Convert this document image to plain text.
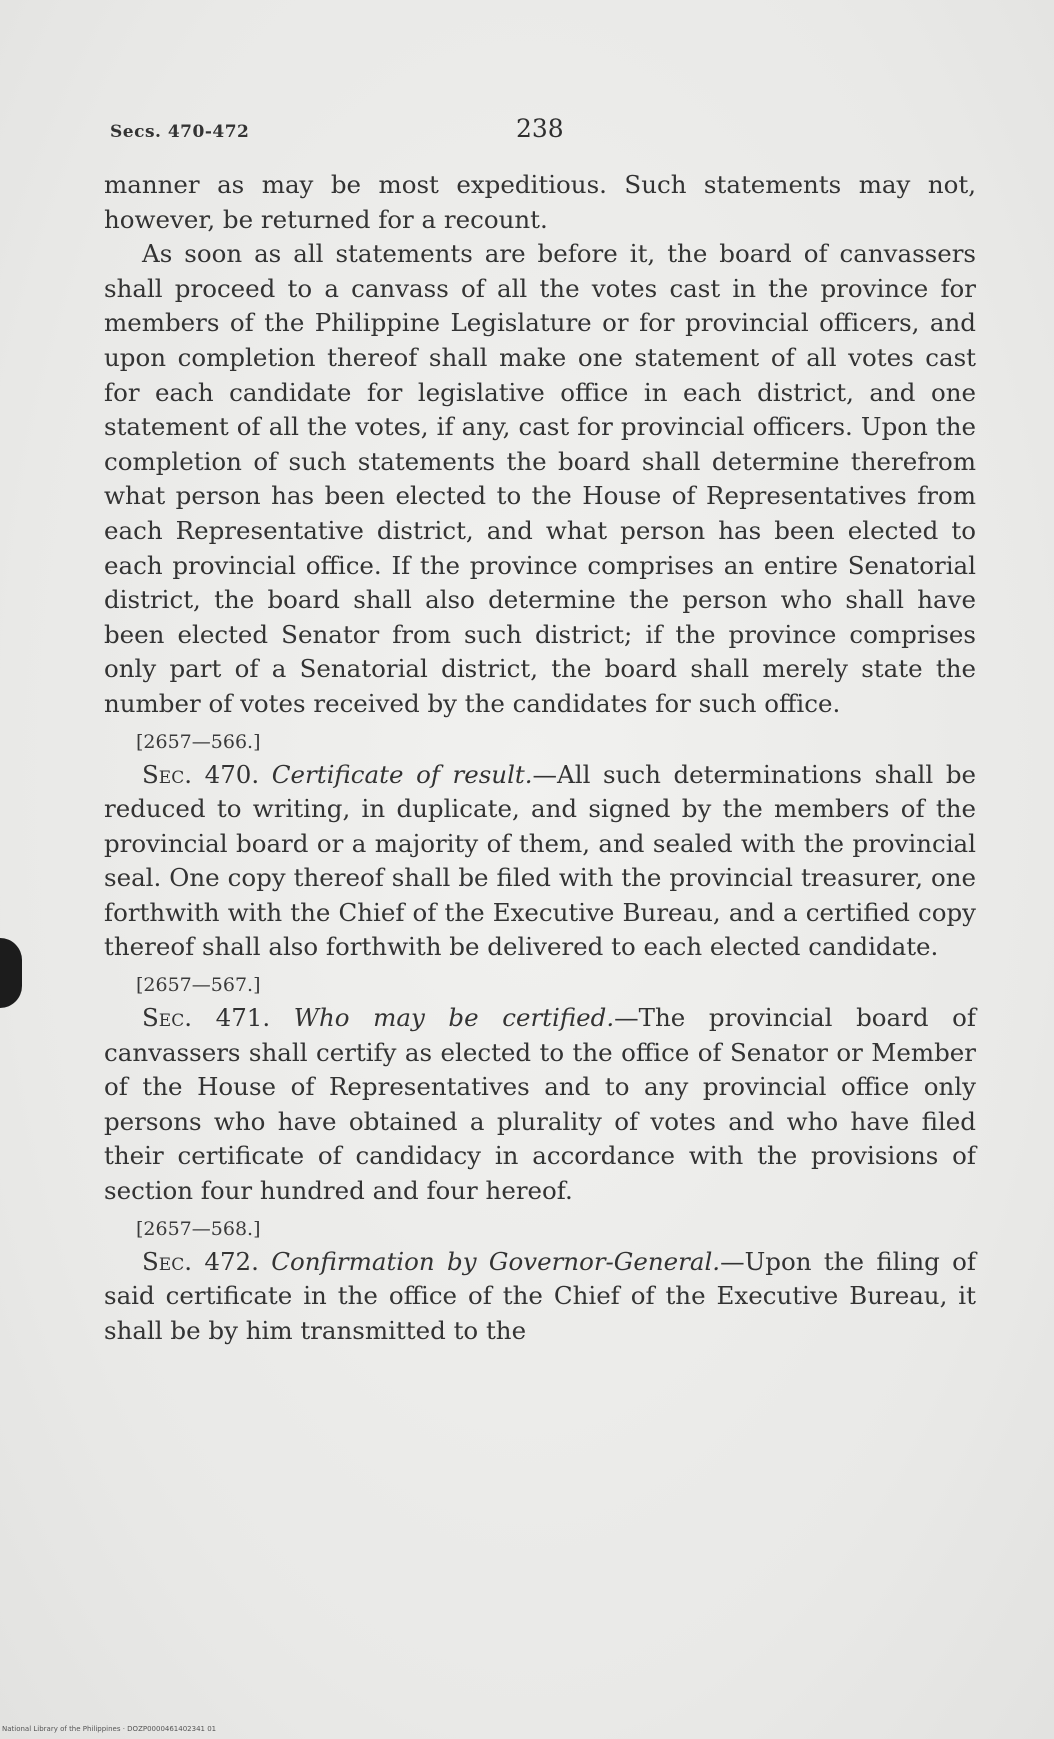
Secs. 470-472	238

manner as may be most expeditious. Such statements may not, however, be returned for a recount.

As soon as all statements are before it, the board of canvassers shall proceed to a canvass of all the votes cast in the province for members of the Philippine Legislature or for provincial officers, and upon completion thereof shall make one statement of all votes cast for each candidate for legislative office in each district, and one statement of all the votes, if any, cast for provincial officers. Upon the completion of such statements the board shall determine therefrom what person has been elected to the House of Representatives from each Representative district, and what person has been elected to each provincial office. If the province comprises an entire Senatorial district, the board shall also determine the person who shall have been elected Senator from such district; if the province comprises only part of a Senatorial district, the board shall merely state the number of votes received by the candidates for such office.

[2657—566.]

Sec. 470. Certificate of result.—All such determinations shall be reduced to writing, in duplicate, and signed by the members of the provincial board or a majority of them, and sealed with the provincial seal. One copy thereof shall be filed with the provincial treasurer, one forthwith with the Chief of the Executive Bureau, and a certified copy thereof shall also forthwith be delivered to each elected candidate.

[2657—567.]

Sec. 471. Who may be certified.—The provincial board of canvassers shall certify as elected to the office of Senator or Member of the House of Representatives and to any provincial office only persons who have obtained a plurality of votes and who have filed their certificate of candidacy in accordance with the provisions of section four hundred and four hereof.

[2657—568.]

Sec. 472. Confirmation by Governor-General.—Upon the filing of said certificate in the office of the Chief of the Executive Bureau, it shall be by him transmitted to the

National Library of the Philippines · DOZP0000461402341 01
